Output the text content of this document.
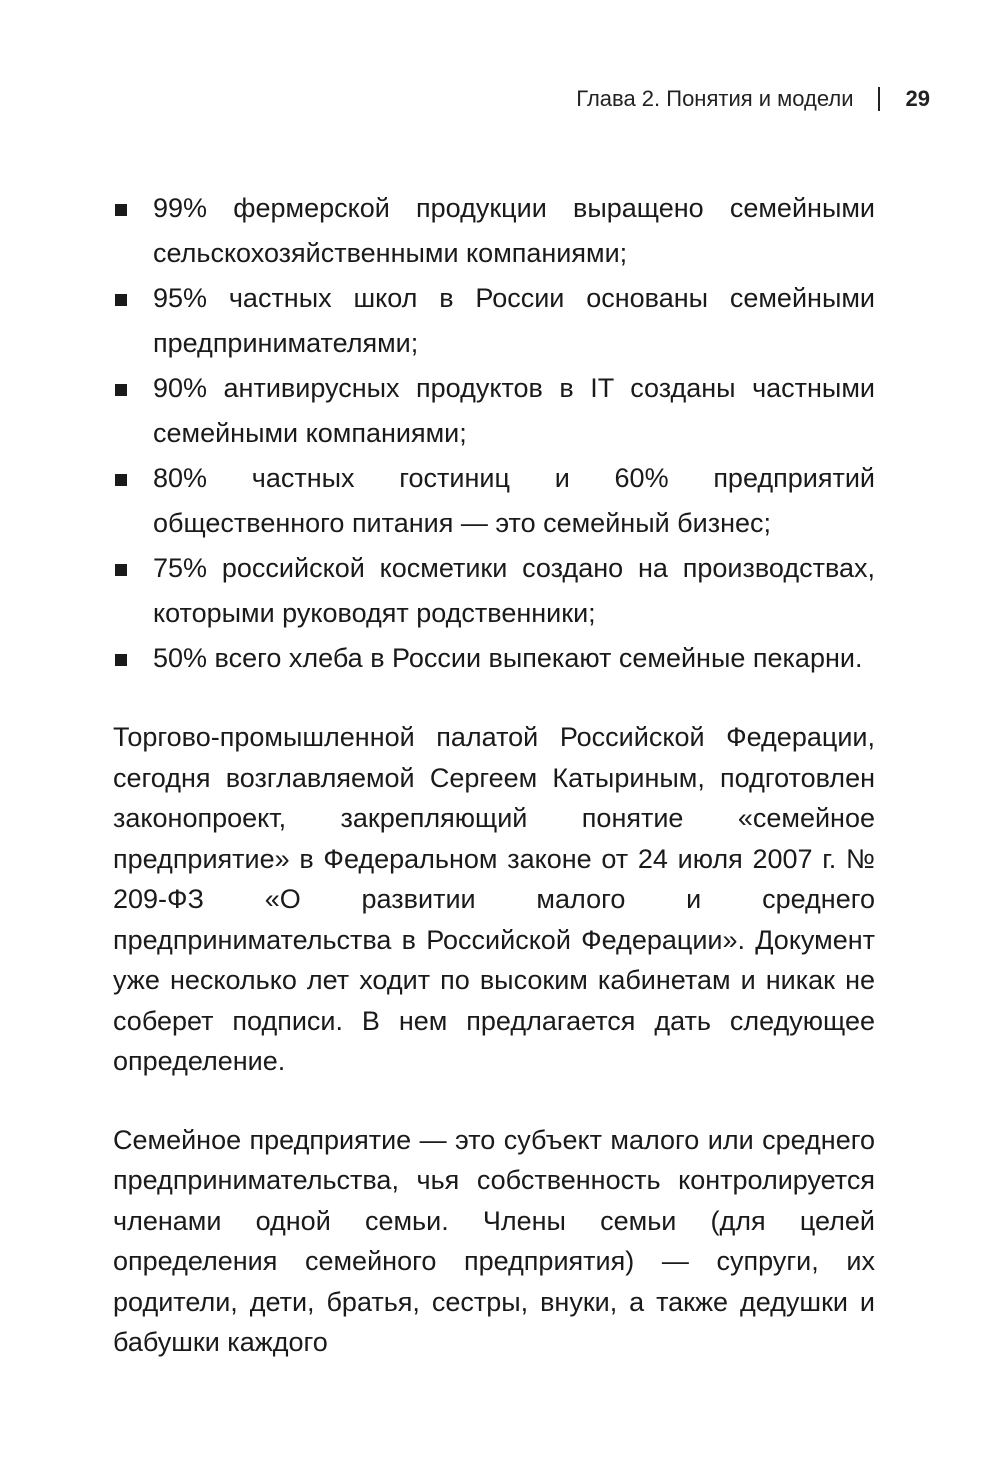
Глава 2. Понятия и модели 29
99% фермерской продукции выращено семейными сельскохозяйственными компаниями;
95% частных школ в России основаны семейными предпринимателями;
90% антивирусных продуктов в IT созданы частными семейными компаниями;
80% частных гостиниц и 60% предприятий общественного питания — это семейный бизнес;
75% российской косметики создано на производствах, которыми руководят родственники;
50% всего хлеба в России выпекают семейные пекарни.

Торгово-промышленной палатой Российской Федерации, сегодня возглавляемой Сергеем Катыриным, подготовлен законопроект, закрепляющий понятие «семейное предприятие» в Федеральном законе от 24 июля 2007 г. № 209-ФЗ «О развитии малого и среднего предпринимательства в Российской Федерации». Документ уже несколько лет ходит по высоким кабинетам и никак не соберет подписи. В нем предлагается дать следующее определение.

Семейное предприятие — это субъект малого или среднего предпринимательства, чья собственность контролируется членами одной семьи. Члены семьи (для целей определения семейного предприятия) — супруги, их родители, дети, братья, сестры, внуки, а также дедушки и бабушки каждого
